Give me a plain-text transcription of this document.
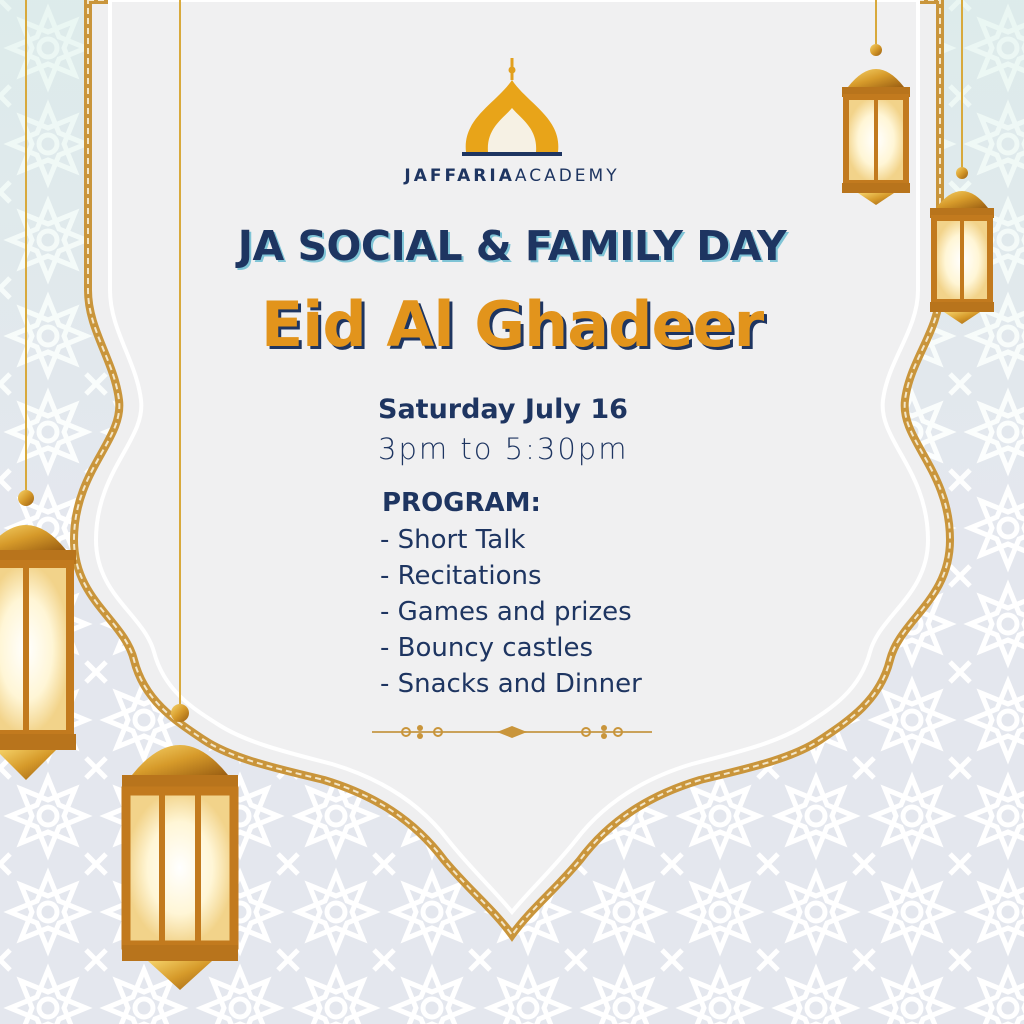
JAFFARIAACADEMY
JA SOCIAL & FAMILY DAY
Eid Al Ghadeer
Saturday July 16
3pm to 5:30pm
PROGRAM:
- Short Talk
- Recitations
- Games and prizes
- Bouncy castles
- Snacks and Dinner
